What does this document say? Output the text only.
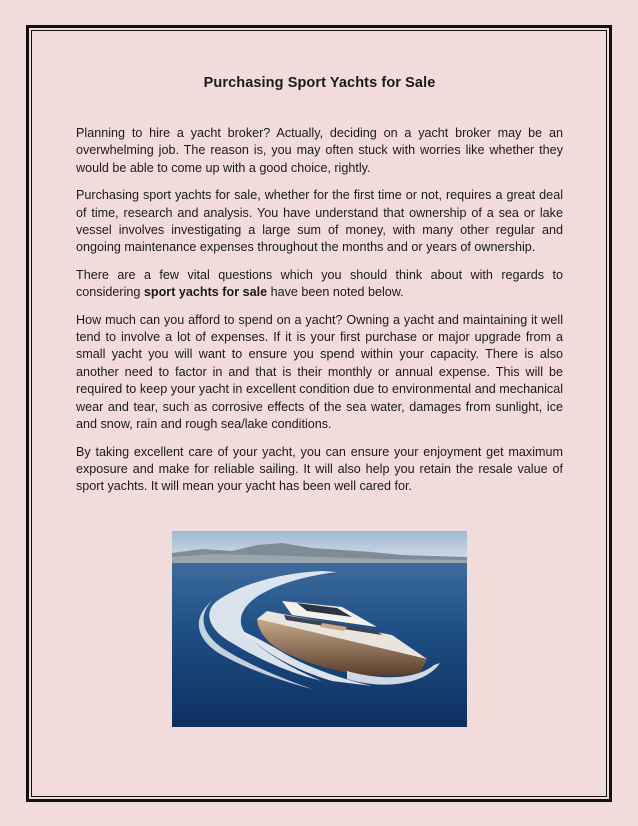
Purchasing Sport Yachts for Sale

Planning to hire a yacht broker? Actually, deciding on a yacht broker may be an overwhelming job. The reason is, you may often stuck with worries like whether they would be able to come up with a good choice, rightly.

Purchasing sport yachts for sale, whether for the first time or not, requires a great deal of time, research and analysis. You have understand that ownership of a sea or lake vessel involves investigating a large sum of money, with many other regular and ongoing maintenance expenses throughout the months and or years of ownership.

There are a few vital questions which you should think about with regards to considering sport yachts for sale have been noted below.

How much can you afford to spend on a yacht? Owning a yacht and maintaining it well tend to involve a lot of expenses. If it is your first purchase or major upgrade from a small yacht you will want to ensure you spend within your capacity. There is also another need to factor in and that is their monthly or annual expense. This will be required to keep your yacht in excellent condition due to environmental and mechanical wear and tear, such as corrosive effects of the sea water, damages from sunlight, ice and snow, rain and rough sea/lake conditions.

By taking excellent care of your yacht, you can ensure your enjoyment get maximum exposure and make for reliable sailing. It will also help you retain the resale value of sport yachts. It will mean your yacht has been well cared for.
